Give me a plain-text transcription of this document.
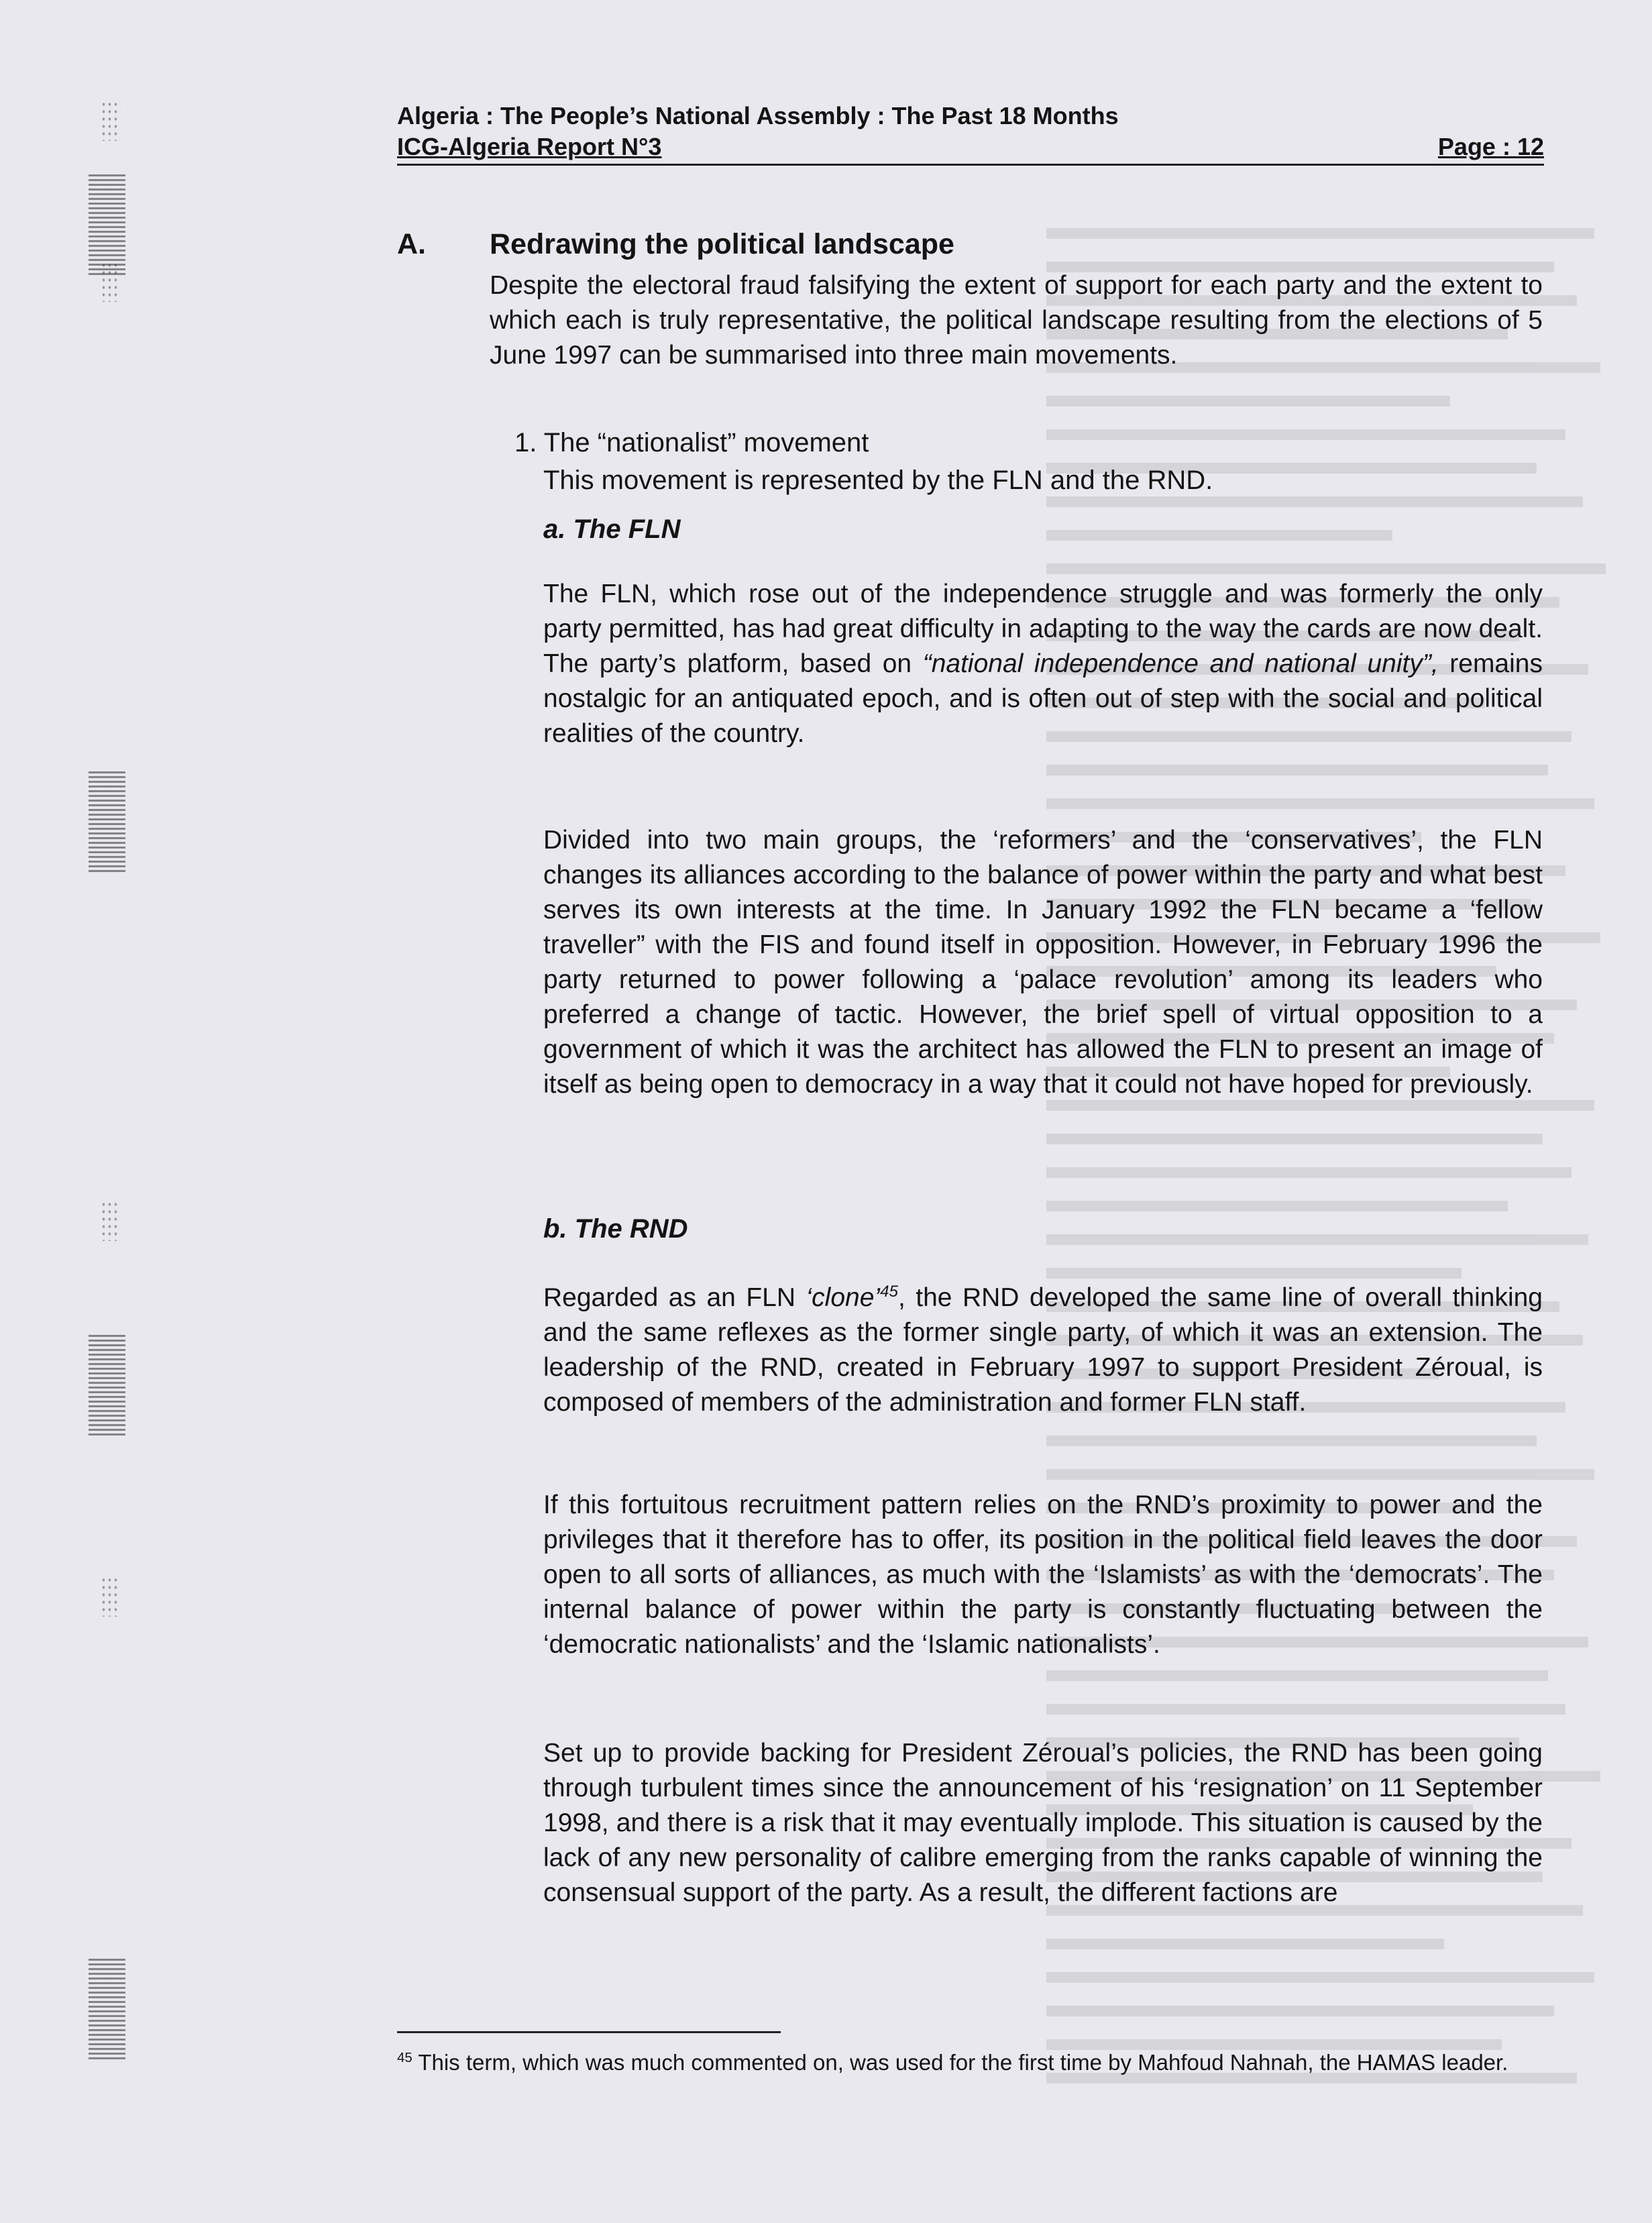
Algeria : The People’s National Assembly : The Past 18 Months
ICG-Algeria Report N°3	Page : 12
A. Redrawing the political landscape
Despite the electoral fraud falsifying the extent of support for each party and the extent to which each is truly representative, the political landscape resulting from the elections of 5 June 1997 can be summarised into three main movements.
1. The “nationalist” movement
This movement is represented by the FLN and the RND.
a. The FLN
The FLN, which rose out of the independence struggle and was formerly the only party permitted, has had great difficulty in adapting to the way the cards are now dealt. The party’s platform, based on “national independence and national unity”, remains nostalgic for an antiquated epoch, and is often out of step with the social and political realities of the country.
Divided into two main groups, the ‘reformers’ and the ‘conservatives’, the FLN changes its alliances according to the balance of power within the party and what best serves its own interests at the time. In January 1992 the FLN became a ‘fellow traveller” with the FIS and found itself in opposition. However, in February 1996 the party returned to power following a ‘palace revolution’ among its leaders who preferred a change of tactic. However, the brief spell of virtual opposition to a government of which it was the architect has allowed the FLN to present an image of itself as being open to democracy in a way that it could not have hoped for previously.
b. The RND
Regarded as an FLN ‘clone’$^{45}$, the RND developed the same line of overall thinking and the same reflexes as the former single party, of which it was an extension. The leadership of the RND, created in February 1997 to support President Zéroual, is composed of members of the administration and former FLN staff.
If this fortuitous recruitment pattern relies on the RND’s proximity to power and the privileges that it therefore has to offer, its position in the political field leaves the door open to all sorts of alliances, as much with the ‘Islamists’ as with the ‘democrats’. The internal balance of power within the party is constantly fluctuating between the ‘democratic nationalists’ and the ‘Islamic nationalists’.
Set up to provide backing for President Zéroual’s policies, the RND has been going through turbulent times since the announcement of his ‘resignation’ on 11 September 1998, and there is a risk that it may eventually implode. This situation is caused by the lack of any new personality of calibre emerging from the ranks capable of winning the consensual support of the party. As a result, the different factions are
$^{45}$ This term, which was much commented on, was used for the first time by Mahfoud Nahnah, the HAMAS leader.
